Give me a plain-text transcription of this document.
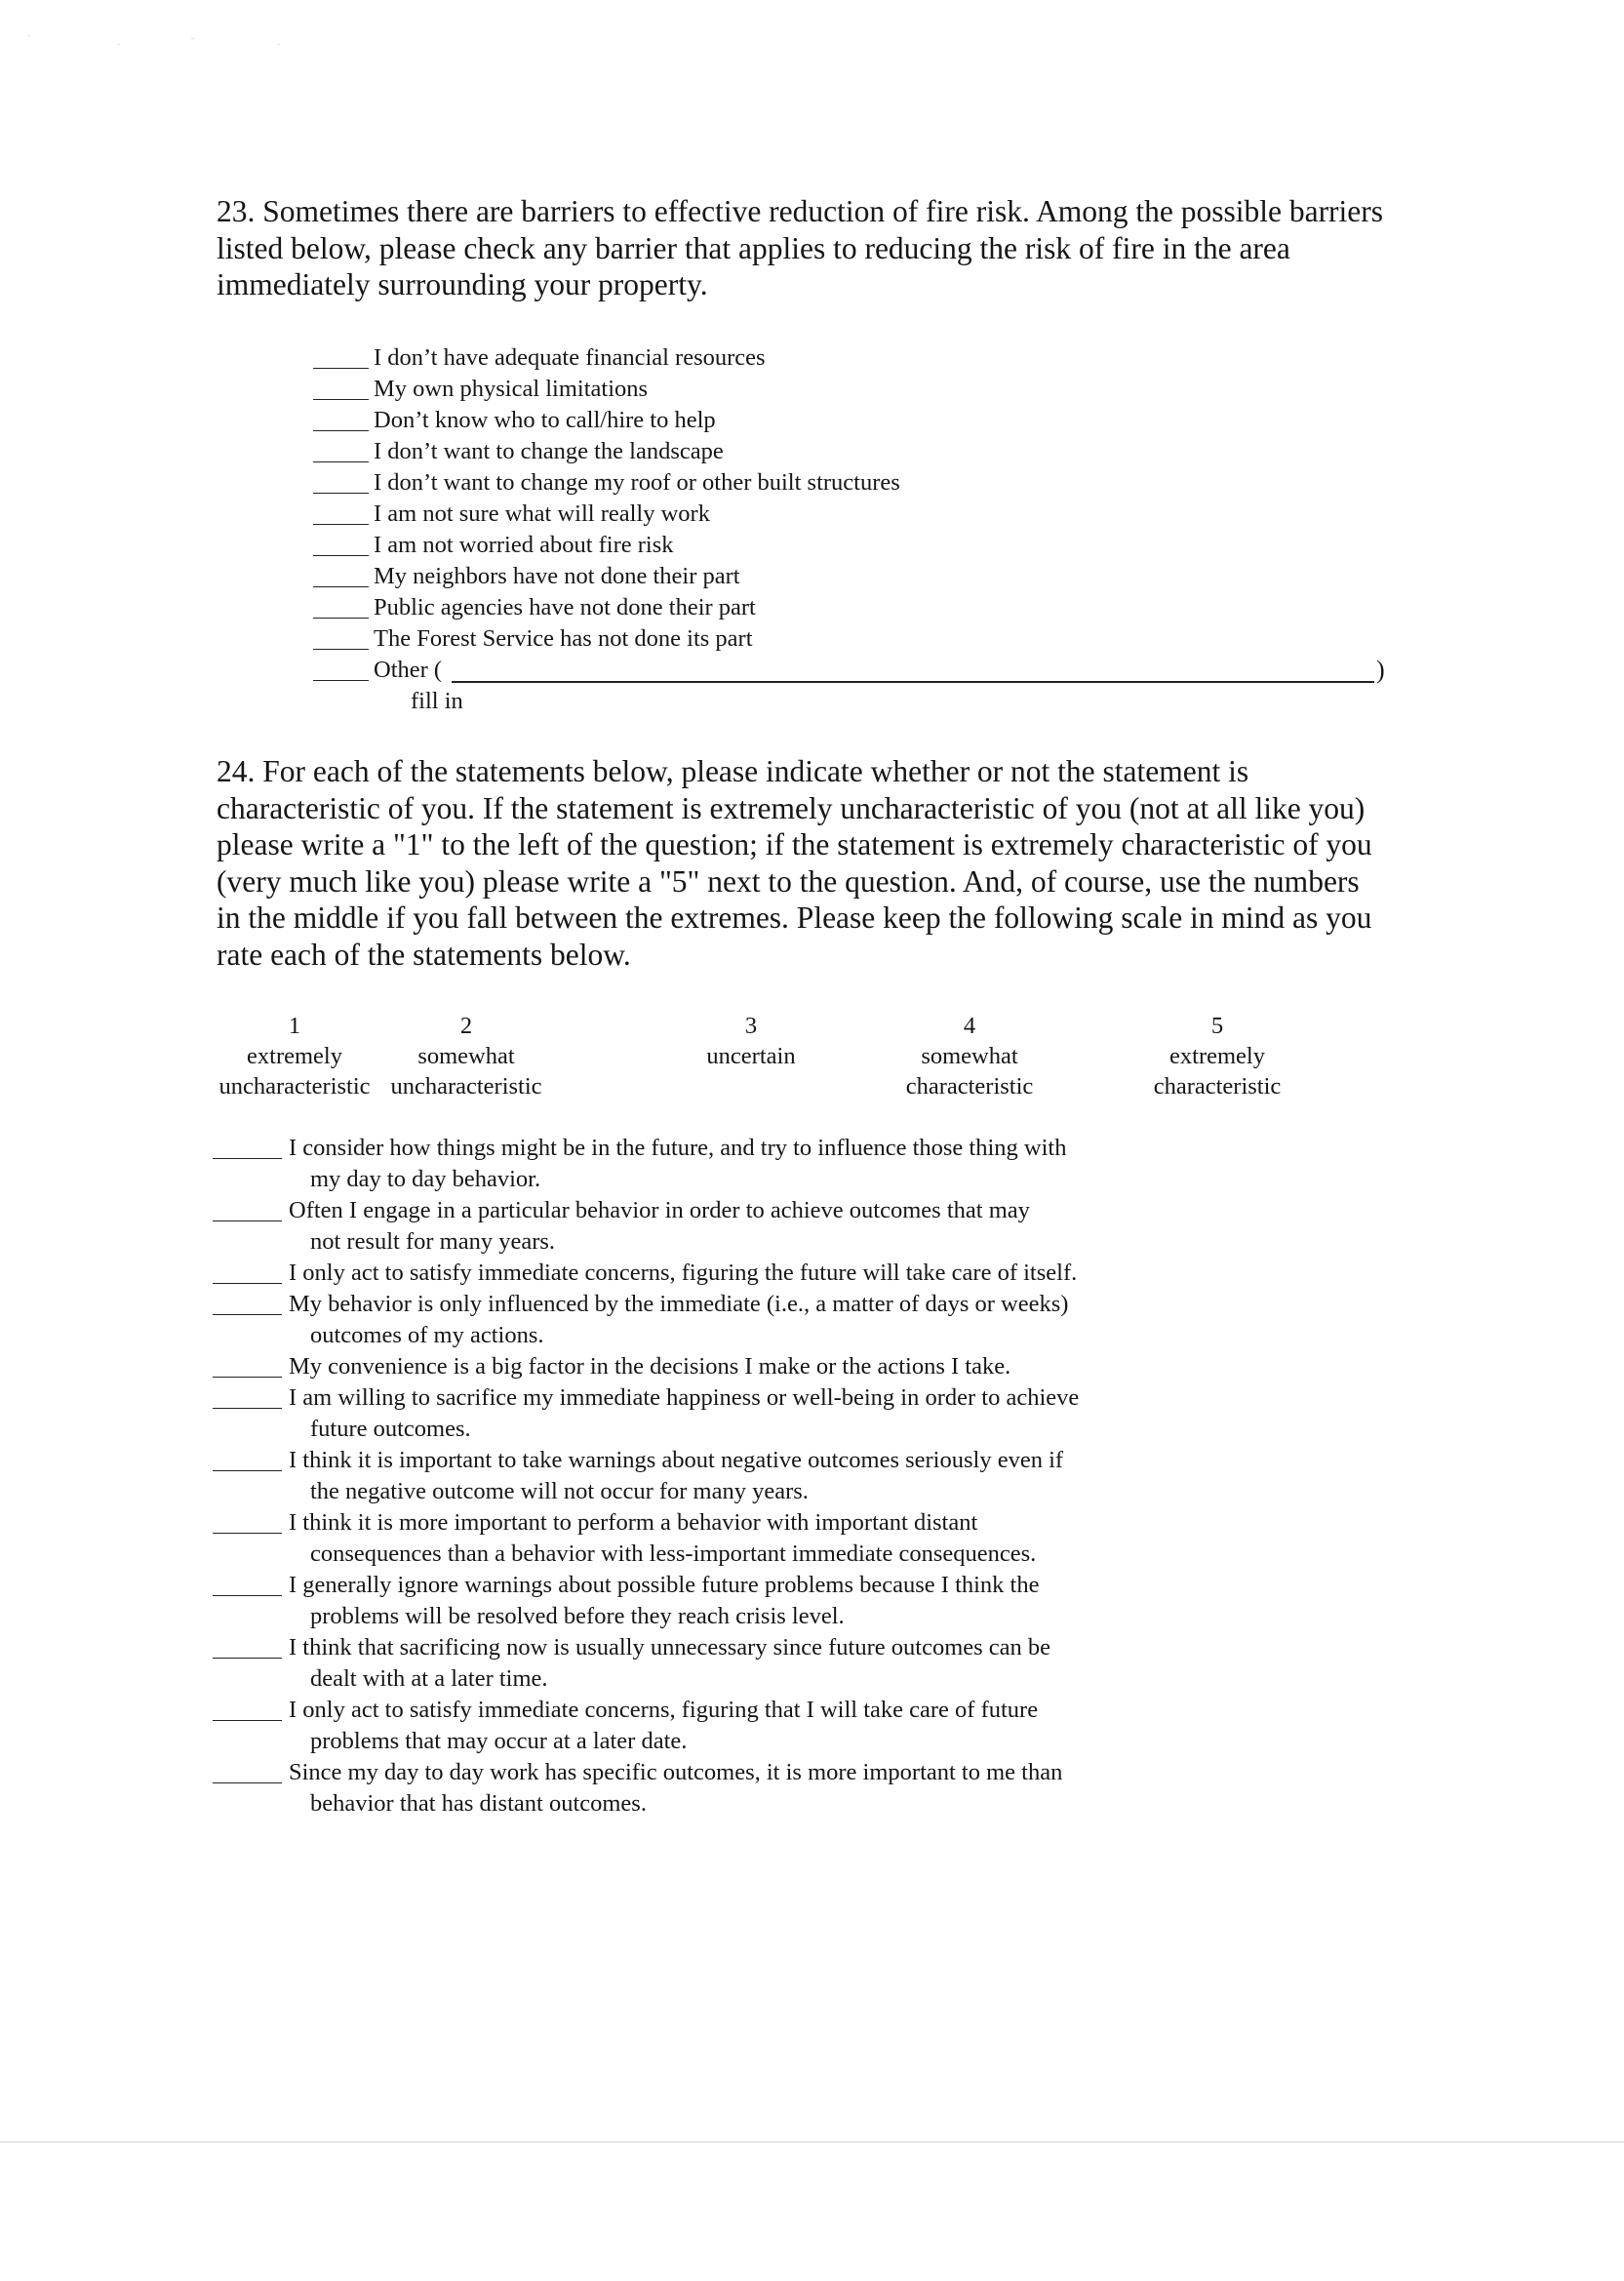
23. Sometimes there are barriers to effective reduction of fire risk. Among the possible barriers
listed below, please check any barrier that applies to reducing the risk of fire in the area
immediately surrounding your property.
I don’t have adequate financial resources
My own physical limitations
Don’t know who to call/hire to help
I don’t want to change the landscape
I don’t want to change my roof or other built structures
I am not sure what will really work
I am not worried about fire risk
My neighbors have not done their part
Public agencies have not done their part
The Forest Service has not done its part
Other (	)
fill in
24. For each of the statements below, please indicate whether or not the statement is
characteristic of you. If the statement is extremely uncharacteristic of you (not at all like you)
please write a "1" to the left of the question; if the statement is extremely characteristic of you
(very much like you) please write a "5" next to the question. And, of course, use the numbers
in the middle if you fall between the extremes. Please keep the following scale in mind as you
rate each of the statements below.
1
extremely
uncharacteristic
2
somewhat
uncharacteristic
3
uncertain
4
somewhat
characteristic
5
extremely
characteristic
I consider how things might be in the future, and try to influence those thing with
my day to day behavior.
Often I engage in a particular behavior in order to achieve outcomes that may
not result for many years.
I only act to satisfy immediate concerns, figuring the future will take care of itself.
My behavior is only influenced by the immediate (i.e., a matter of days or weeks)
outcomes of my actions.
My convenience is a big factor in the decisions I make or the actions I take.
I am willing to sacrifice my immediate happiness or well-being in order to achieve
future outcomes.
I think it is important to take warnings about negative outcomes seriously even if
the negative outcome will not occur for many years.
I think it is more important to perform a behavior with important distant
consequences than a behavior with less-important immediate consequences.
I generally ignore warnings about possible future problems because I think the
problems will be resolved before they reach crisis level.
I think that sacrificing now is usually unnecessary since future outcomes can be
dealt with at a later time.
I only act to satisfy immediate concerns, figuring that I will take care of future
problems that may occur at a later date.
Since my day to day work has specific outcomes, it is more important to me than
behavior that has distant outcomes.
